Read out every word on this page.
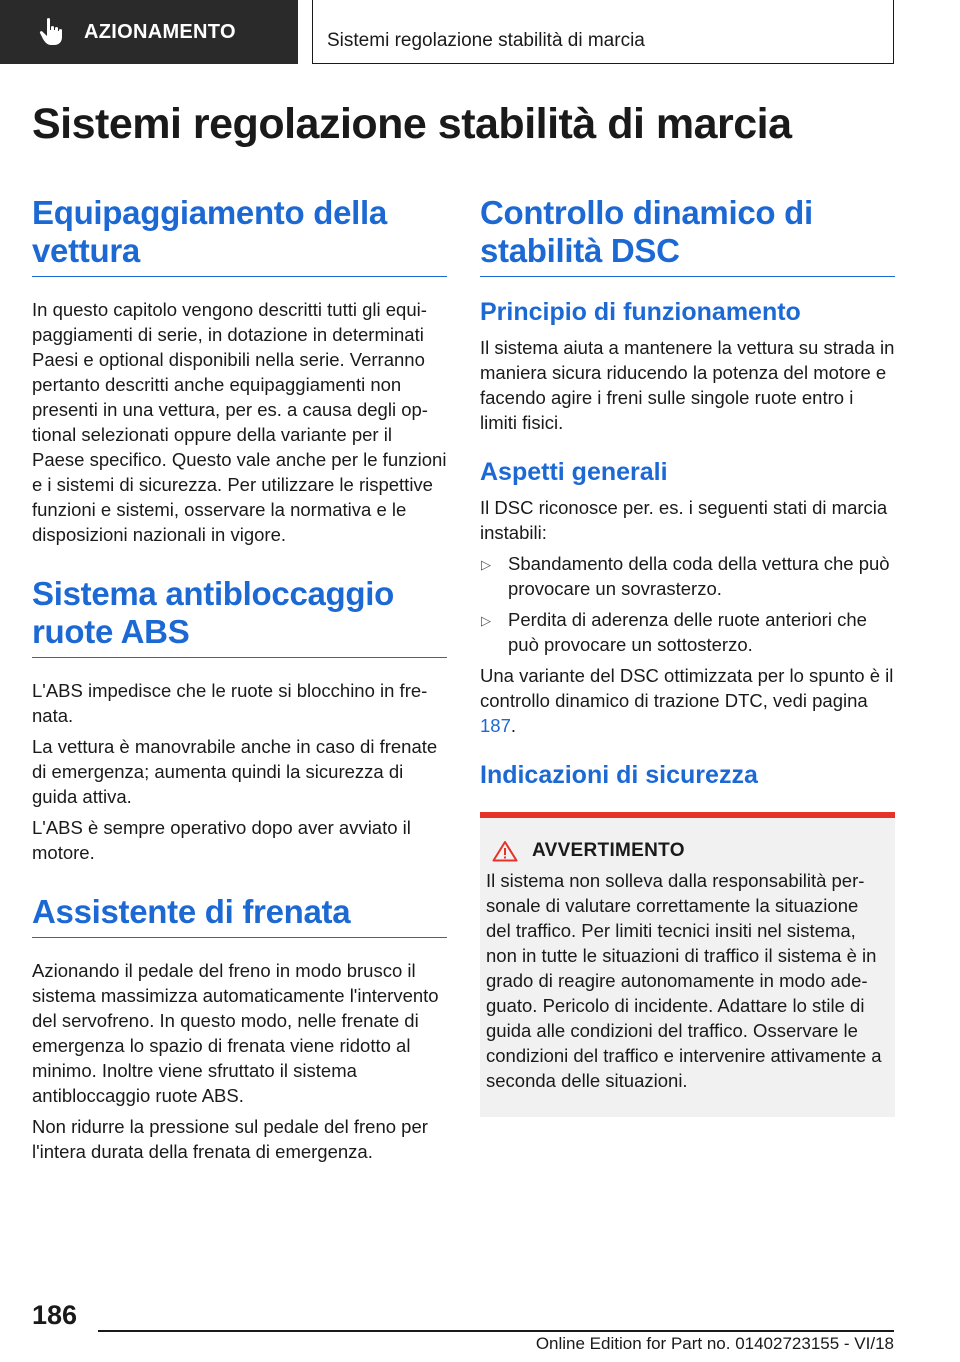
AZIONAMENTO	Sistemi regolazione stabilità di marcia
Sistemi regolazione stabilità di marcia
Equipaggiamento della vettura

In questo capitolo vengono descritti tutti gli equipaggiamenti di serie, in dotazione in determinati Paesi e optional disponibili nella serie. Verranno pertanto descritti anche equipaggiamenti non presenti in una vettura, per es. a causa degli optional selezionati oppure della variante per il Paese specifico. Questo vale anche per le funzioni e i sistemi di sicurezza. Per utilizzare le rispettive funzioni e sistemi, osservare la normativa e le disposizioni nazionali in vigore.

Sistema antibloccaggio ruote ABS

L'ABS impedisce che le ruote si blocchino in frenata.

La vettura è manovrabile anche in caso di frenate di emergenza; aumenta quindi la sicurezza di guida attiva.

L'ABS è sempre operativo dopo aver avviato il motore.

Assistente di frenata

Azionando il pedale del freno in modo brusco il sistema massimizza automaticamente l'intervento del servofreno. In questo modo, nelle frenate di emergenza lo spazio di frenata viene ridotto al minimo. Inoltre viene sfruttato il sistema antibloccaggio ruote ABS.

Non ridurre la pressione sul pedale del freno per l'intera durata della frenata di emergenza.

Controllo dinamico di stabilità DSC
Principio di funzionamento

Il sistema aiuta a mantenere la vettura su strada in maniera sicura riducendo la potenza del motore e facendo agire i freni sulle singole ruote entro i limiti fisici.

Aspetti generali

Il DSC riconosce per. es. i seguenti stati di marcia instabili:

▷ Sbandamento della coda della vettura che può provocare un sovrasterzo.
▷ Perdita di aderenza delle ruote anteriori che può provocare un sottosterzo.

Una variante del DSC ottimizzata per lo spunto è il controllo dinamico di trazione DTC, vedi pagina 187.

Indicazioni di sicurezza
AVVERTIMENTO

Il sistema non solleva dalla responsabilità personale di valutare correttamente la situazione del traffico. Per limiti tecnici insiti nel sistema, non in tutte le situazioni di traffico il sistema è in grado di reagire autonomamente in modo adeguato. Pericolo di incidente. Adattare lo stile di guida alle condizioni del traffico. Osservare le condizioni del traffico e intervenire attivamente a seconda delle situazioni.

186
Online Edition for Part no. 01402723155 - VI/18
